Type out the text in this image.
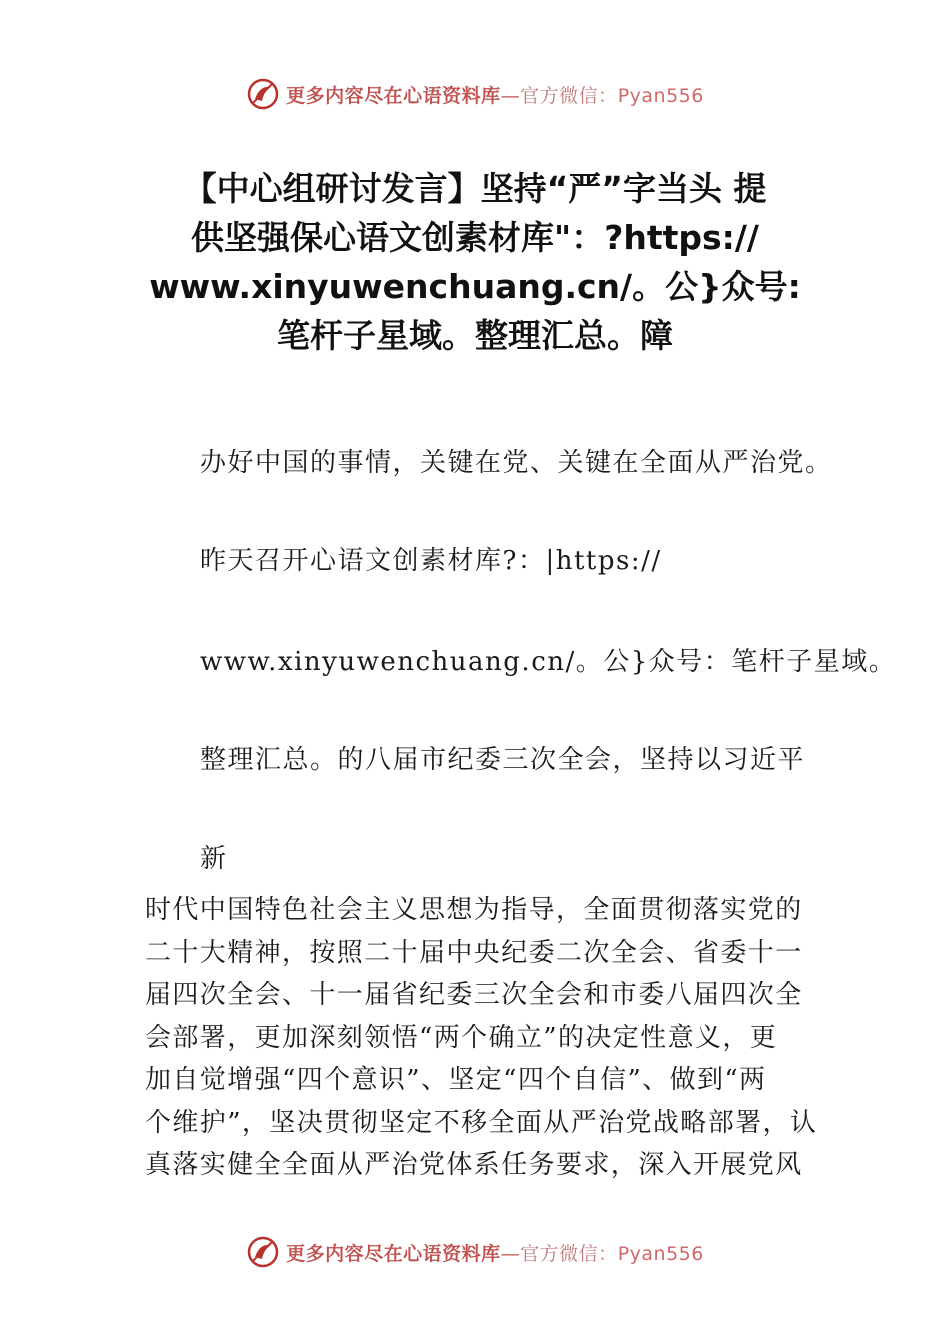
更多内容尽在心语资料库—官方微信：Pyan556
【中心组研讨发言】坚持“严”字当头 提
供坚强保心语文创素材库"：?https://
www.xinyuwenchuang.cn/。公}众号:
笔杆子星域。整理汇总。障

办好中国的事情，关键在党、关键在全面从严治党。

昨天召开心语文创素材库?：|https://

www.xinyuwenchuang.cn/。公}众号：笔杆子星域。

整理汇总。的八届市纪委三次全会，坚持以习近平

新

时代中国特色社会主义思想为指导，全面贯彻落实党的
二十大精神，按照二十届中央纪委二次全会、省委十一
届四次全会、十一届省纪委三次全会和市委八届四次全
会部署，更加深刻领悟“两个确立”的决定性意义，更
加自觉增强“四个意识”、坚定“四个自信”、做到“两
个维护”，坚决贯彻坚定不移全面从严治党战略部署，认
真落实健全全面从严治党体系任务要求，深入开展党风
更多内容尽在心语资料库—官方微信：Pyan556
